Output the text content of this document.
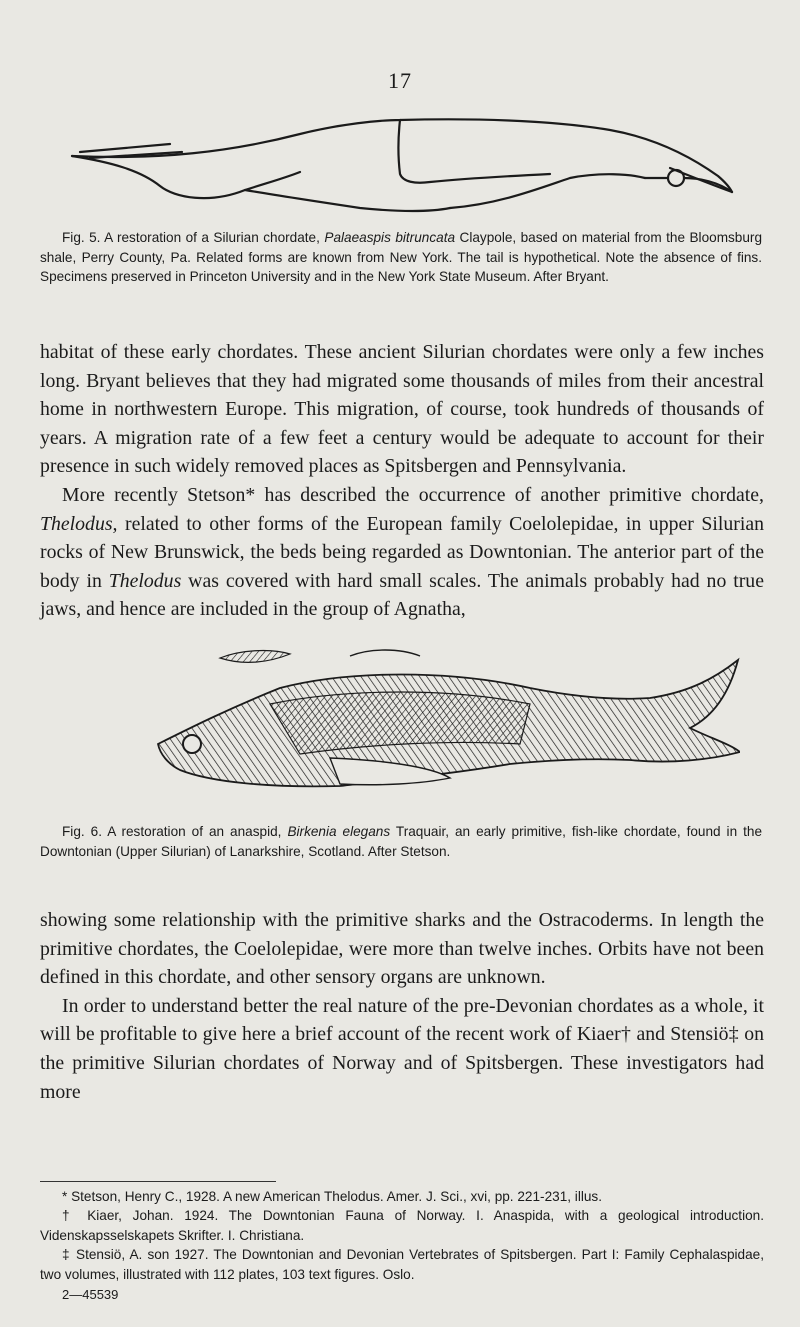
17
Fig. 5. A restoration of a Silurian chordate, Palaeaspis bitruncata Claypole, based on material from the Bloomsburg shale, Perry County, Pa. Related forms are known from New York. The tail is hypothetical. Note the absence of fins. Specimens preserved in Princeton University and in the New York State Museum. After Bryant.

habitat of these early chordates. These ancient Silurian chordates were only a few inches long. Bryant believes that they had migrated some thousands of miles from their ancestral home in northwestern Europe. This migration, of course, took hundreds of thousands of years. A migration rate of a few feet a century would be adequate to account for their presence in such widely removed places as Spitsbergen and Pennsylvania.

More recently Stetson* has described the occurrence of another primitive chordate, Thelodus, related to other forms of the European family Coelolepidae, in upper Silurian rocks of New Brunswick, the beds being regarded as Downtonian. The anterior part of the body in Thelodus was covered with hard small scales. The animals probably had no true jaws, and hence are included in the group of Agnatha,

Fig. 6. A restoration of an anaspid, Birkenia elegans Traquair, an early primitive, fish-like chordate, found in the Downtonian (Upper Silurian) of Lanarkshire, Scotland. After Stetson.

showing some relationship with the primitive sharks and the Ostracoderms. In length the primitive chordates, the Coelolepidae, were more than twelve inches. Orbits have not been defined in this chordate, and other sensory organs are unknown.

In order to understand better the real nature of the pre-Devonian chordates as a whole, it will be profitable to give here a brief account of the recent work of Kiaer† and Stensiö‡ on the primitive Silurian chordates of Norway and of Spitsbergen. These investigators had more

* Stetson, Henry C., 1928. A new American Thelodus. Amer. J. Sci., xvi, pp. 221-231, illus.

† Kiaer, Johan. 1924. The Downtonian Fauna of Norway. I. Anaspida, with a geological introduction. Videnskapsselskapets Skrifter. I. Christiana.

‡ Stensiö, A. son 1927. The Downtonian and Devonian Vertebrates of Spitsbergen. Part I: Family Cephalaspidae, two volumes, illustrated with 112 plates, 103 text figures. Oslo.

2—45539
